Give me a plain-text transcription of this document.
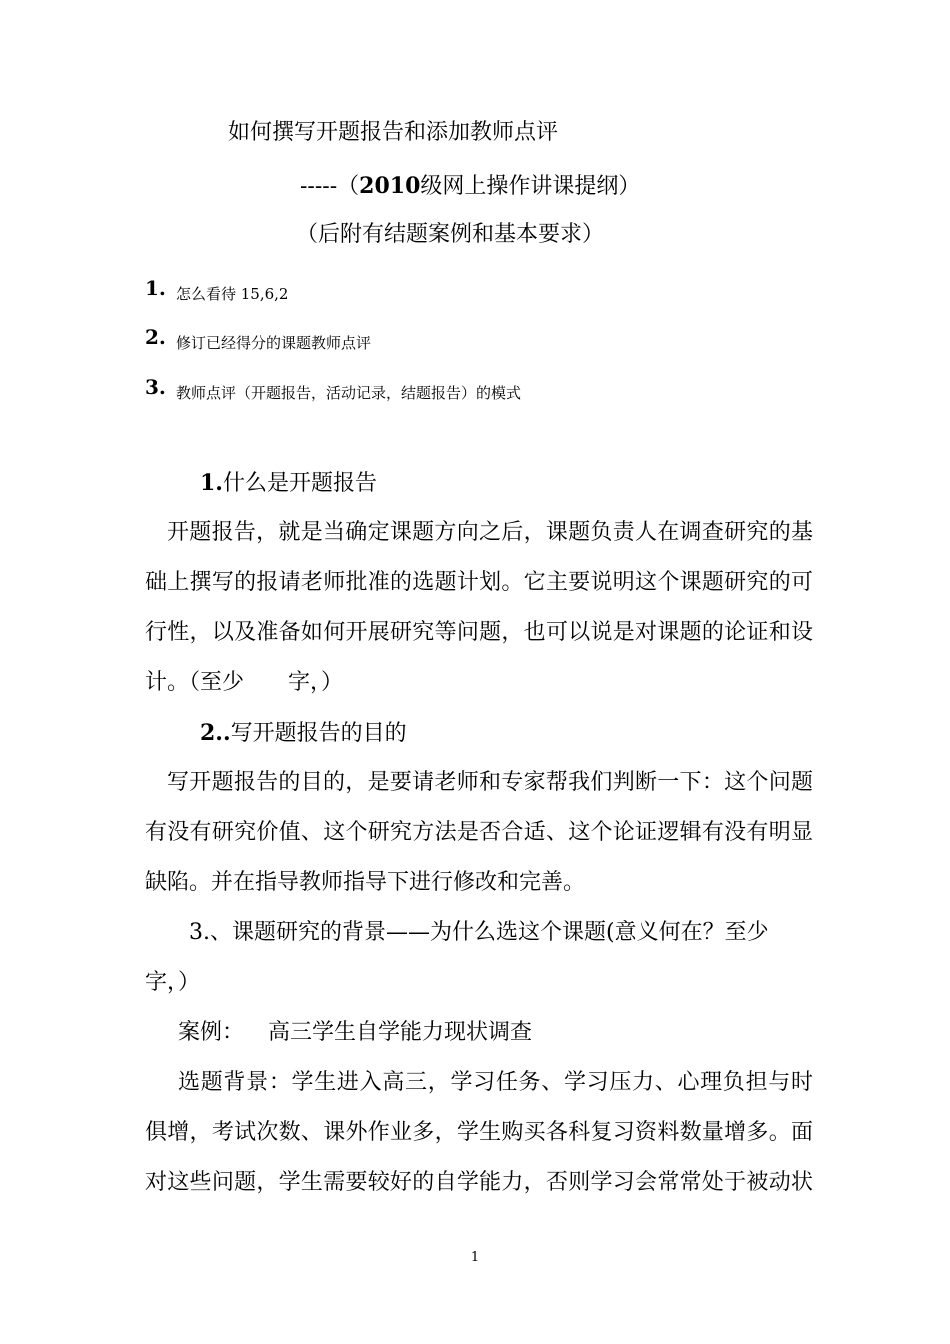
如何撰写开题报告和添加教师点评
-----（2010级网上操作讲课提纲）
（后附有结题案例和基本要求）
1. 怎么看待 15,6,2
2. 修订已经得分的课题教师点评
3. 教师点评（开题报告，活动记录，结题报告）的模式
1.什么是开题报告
开题报告，就是当确定课题方向之后，课题负责人在调查研究的基
础上撰写的报请老师批准的选题计划。它主要说明这个课题研究的可
行性，以及准备如何开展研究等问题，也可以说是对课题的论证和设
计。（至少　　字，）
2..写开题报告的目的
写开题报告的目的，是要请老师和专家帮我们判断一下：这个问题
有没有研究价值、这个研究方法是否合适、这个论证逻辑有没有明显
缺陷。并在指导教师指导下进行修改和完善。
3.、课题研究的背景——为什么选这个课题(意义何在？至少
字，）
案例： 高三学生自学能力现状调查
选题背景：学生进入高三，学习任务、学习压力、心理负担与时
俱增，考试次数、课外作业多，学生购买各科复习资料数量增多。面
对这些问题，学生需要较好的自学能力，否则学习会常常处于被动状
1
